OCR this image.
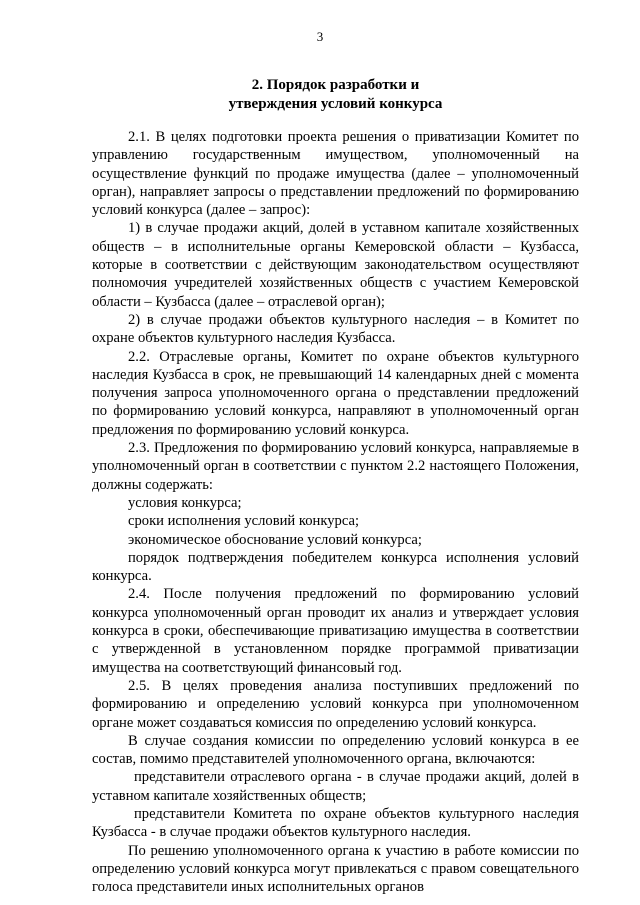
3
2. Порядок разработки и
утверждения условий конкурса

2.1. В целях подготовки проекта решения о приватизации Комитет по управлению государственным имуществом, уполномоченный на осуществление функций по продаже имущества (далее – уполномоченный орган), направляет запросы о представлении предложений по формированию условий конкурса (далее – запрос):

1) в случае продажи акций, долей в уставном капитале хозяйственных обществ – в исполнительные органы Кемеровской области – Кузбасса, которые в соответствии с действующим законодательством осуществляют полномочия учредителей хозяйственных обществ с участием Кемеровской области – Кузбасса (далее – отраслевой орган);

2) в случае продажи объектов культурного наследия – в Комитет по охране объектов культурного наследия Кузбасса.

2.2. Отраслевые органы, Комитет по охране объектов культурного наследия Кузбасса в срок, не превышающий 14 календарных дней с момента получения запроса уполномоченного органа о представлении предложений по формированию условий конкурса, направляют в уполномоченный орган предложения по формированию условий конкурса.

2.3. Предложения по формированию условий конкурса, направляемые в уполномоченный орган в соответствии с пунктом 2.2 настоящего Положения, должны содержать:

условия конкурса;

сроки исполнения условий конкурса;

экономическое обоснование условий конкурса;

порядок подтверждения победителем конкурса исполнения условий конкурса.

2.4. После получения предложений по формированию условий конкурса уполномоченный орган проводит их анализ и утверждает условия конкурса в сроки, обеспечивающие приватизацию имущества в соответствии с утвержденной в установленном порядке программой приватизации имущества на соответствующий финансовый год.

2.5. В целях проведения анализа поступивших предложений по формированию и определению условий конкурса при уполномоченном органе может создаваться комиссия по определению условий конкурса.

В случае создания комиссии по определению условий конкурса в ее состав, помимо представителей уполномоченного органа, включаются:

представители отраслевого органа - в случае продажи акций, долей в уставном капитале хозяйственных обществ;

представители Комитета по охране объектов культурного наследия Кузбасса - в случае продажи объектов культурного наследия.

По решению уполномоченного органа к участию в работе комиссии по определению условий конкурса могут привлекаться с правом совещательного голоса представители иных исполнительных органов
